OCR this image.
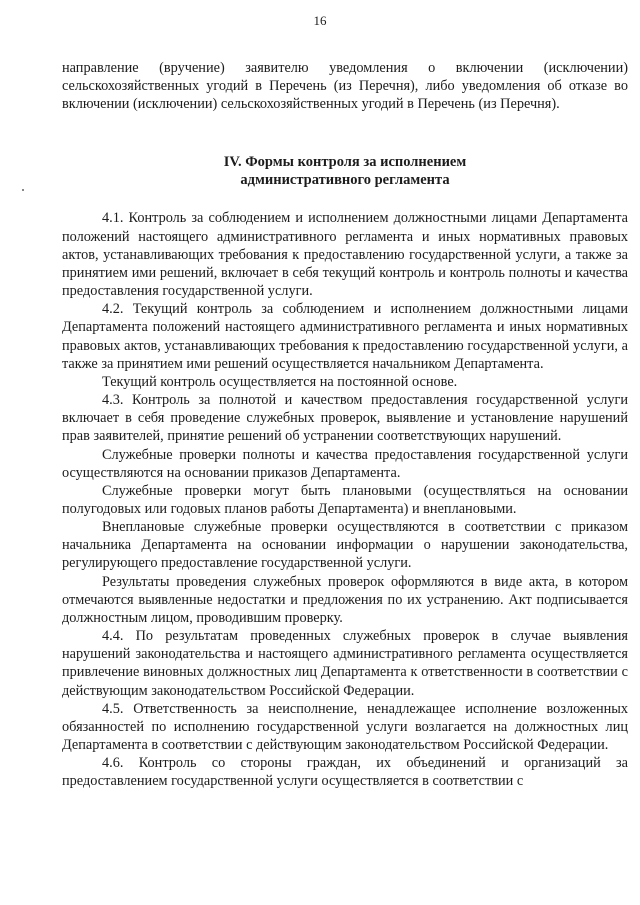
16

направление (вручение) заявителю уведомления о включении (исключении) сельскохозяйственных угодий в Перечень (из Перечня), либо уведомления об отказе во включении (исключении) сельскохозяйственных угодий в Перечень (из Перечня).

IV. Формы контроля за исполнением
административного регламента

4.1. Контроль за соблюдением и исполнением должностными лицами Департамента положений настоящего административного регламента и иных нормативных правовых актов, устанавливающих требования к предоставлению государственной услуги, а также за принятием ими решений, включает в себя текущий контроль и контроль полноты и качества предоставления государственной услуги.

4.2. Текущий контроль за соблюдением и исполнением должностными лицами Департамента положений настоящего административного регламента и иных нормативных правовых актов, устанавливающих требования к предоставлению государственной услуги, а также за принятием ими решений осуществляется начальником Департамента.

Текущий контроль осуществляется на постоянной основе.

4.3. Контроль за полнотой и качеством предоставления государственной услуги включает в себя проведение служебных проверок, выявление и установление нарушений прав заявителей, принятие решений об устранении соответствующих нарушений.

Служебные проверки полноты и качества предоставления государственной услуги осуществляются на основании приказов Департамента.

Служебные проверки могут быть плановыми (осуществляться на основании полугодовых или годовых планов работы Департамента) и внеплановыми.

Внеплановые служебные проверки осуществляются в соответствии с приказом начальника Департамента на основании информации о нарушении законодательства, регулирующего предоставление государственной услуги.

Результаты проведения служебных проверок оформляются в виде акта, в котором отмечаются выявленные недостатки и предложения по их устранению. Акт подписывается должностным лицом, проводившим проверку.

4.4. По результатам проведенных служебных проверок в случае выявления нарушений законодательства и настоящего административного регламента осуществляется привлечение виновных должностных лиц Департамента к ответственности в соответствии с действующим законодательством Российской Федерации.

4.5. Ответственность за неисполнение, ненадлежащее исполнение возложенных обязанностей по исполнению государственной услуги возлагается на должностных лиц Департамента в соответствии с действующим законодательством Российской Федерации.

4.6. Контроль со стороны граждан, их объединений и организаций за предоставлением государственной услуги осуществляется в соответствии с
